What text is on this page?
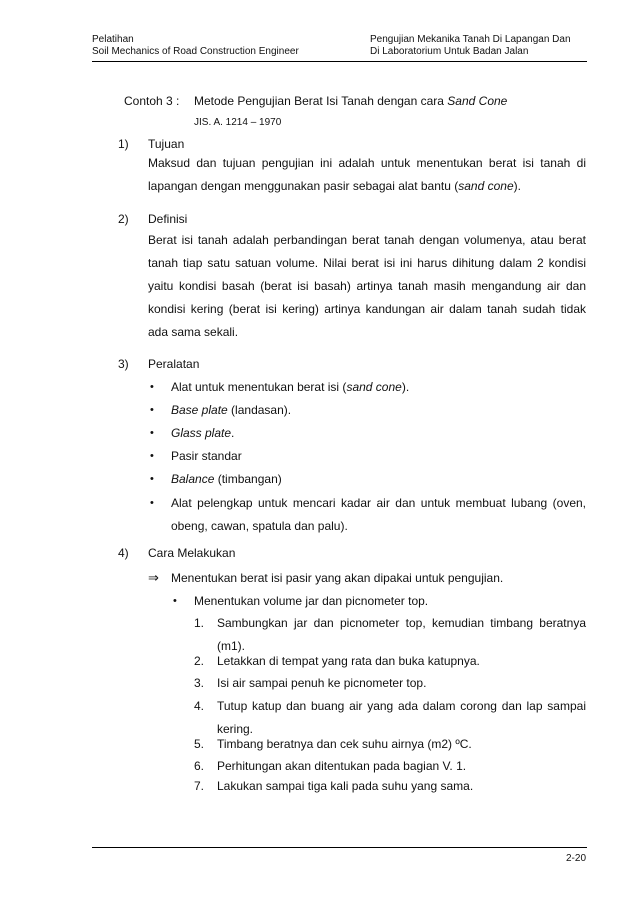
Pelatihan
Soil Mechanics of Road Construction Engineer
Pengujian Mekanika Tanah Di Lapangan Dan
Di Laboratorium Untuk Badan Jalan
Contoh 3 : Metode Pengujian Berat Isi Tanah dengan cara Sand Cone
JIS. A. 1214 – 1970
1) Tujuan
Maksud dan tujuan pengujian ini adalah untuk menentukan berat isi tanah di
lapangan dengan menggunakan pasir sebagai alat bantu (sand cone).
2) Definisi
Berat isi tanah adalah perbandingan berat tanah dengan volumenya, atau berat
tanah tiap satu satuan volume. Nilai berat isi ini harus dihitung dalam 2 kondisi
yaitu kondisi basah (berat isi basah) artinya tanah masih mengandung air dan
kondisi kering (berat isi kering) artinya kandungan air dalam tanah sudah tidak
ada sama sekali.
3) Peralatan
• Alat untuk menentukan berat isi (sand cone).
• Base plate (landasan).
• Glass plate.
• Pasir standar
• Balance (timbangan)
• Alat pelengkap untuk mencari kadar air dan untuk membuat lubang (oven,
obeng, cawan, spatula dan palu).
4) Cara Melakukan
⇒ Menentukan berat isi pasir yang akan dipakai untuk pengujian.
• Menentukan volume jar dan picnometer top.
1. Sambungkan jar dan picnometer top, kemudian timbang beratnya
(m1).
2. Letakkan di tempat yang rata dan buka katupnya.
3. Isi air sampai penuh ke picnometer top.
4. Tutup katup dan buang air yang ada dalam corong dan lap sampai
kering.
5. Timbang beratnya dan cek suhu airnya (m2) ºC.
6. Perhitungan akan ditentukan pada bagian V. 1.
7. Lakukan sampai tiga kali pada suhu yang sama.
2-20
